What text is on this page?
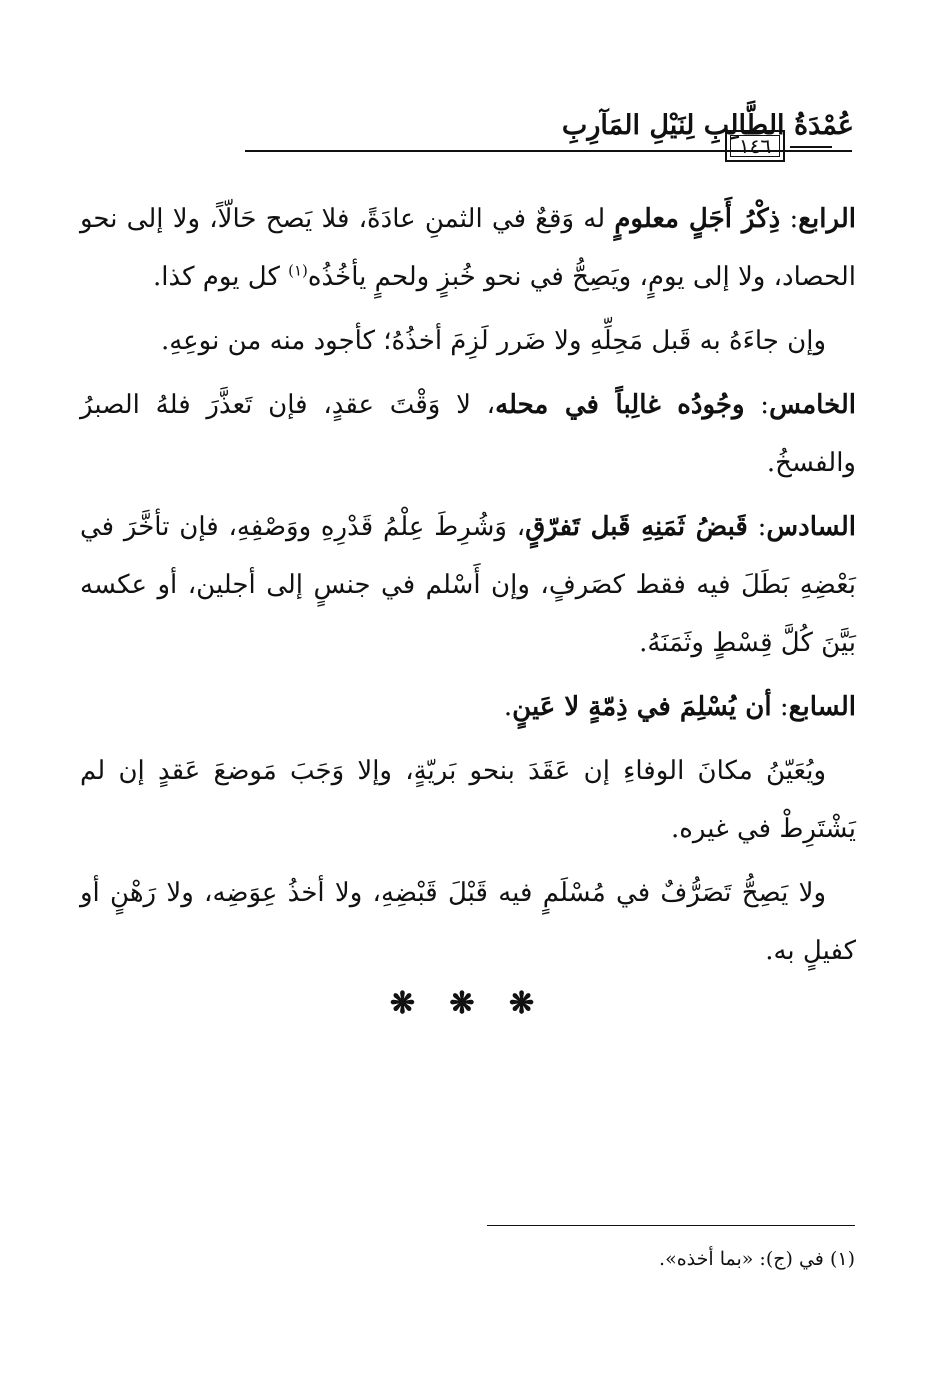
عُمْدَةُ الطَّالِبِ لِنَيْلِ المَآرِبِ
١٤٦

الرابع: ذِكْرُ أَجَلٍ معلومٍ له وَقعٌ في الثمنِ عادَةً، فلا يَصح حَالّاً، ولا إلى نحو الحصاد، ولا إلى يومٍ، ويَصِحُّ في نحو خُبزٍ ولحمٍ يأخُذُه$^{(١)}$ كل يوم كذا.

وإن جاءَهُ به قَبل مَحِلِّهِ ولا ضَرر لَزِمَ أخذُهُ؛ كأجود منه من نوعِهِ.

الخامس: وجُودُه غالِباً في محله، لا وَقْتَ عقدٍ، فإن تَعذَّرَ فلهُ الصبرُ والفسخُ.

السادس: قَبضُ ثَمَنِهِ قَبل تَفرّقٍ، وَشُرِطَ عِلْمُ قَدْرِهِ ووَصْفِهِ، فإن تأخَّرَ في بَعْضِهِ بَطَلَ فيه فقط كصَرفٍ، وإن أَسْلم في جنسٍ إلى أجلين، أو عكسه بَيَّنَ كُلَّ قِسْطٍ وثَمَنَهُ.

السابع: أن يُسْلِمَ في ذِمّةٍ لا عَينٍ.

ويُعَيّنُ مكانَ الوفاءِ إن عَقَدَ بنحو بَريّةٍ، وإلا وَجَبَ مَوضعَ عَقدٍ إن لم يَشْتَرِطْ في غيره.

ولا يَصِحُّ تَصَرُّفٌ في مُسْلَمٍ فيه قَبْلَ قَبْضِهِ، ولا أخذُ عِوَضِه، ولا رَهْنٍ أو كفيلٍ به.

❋ ❋ ❋
(١) في (ج): «بما أخذه».
